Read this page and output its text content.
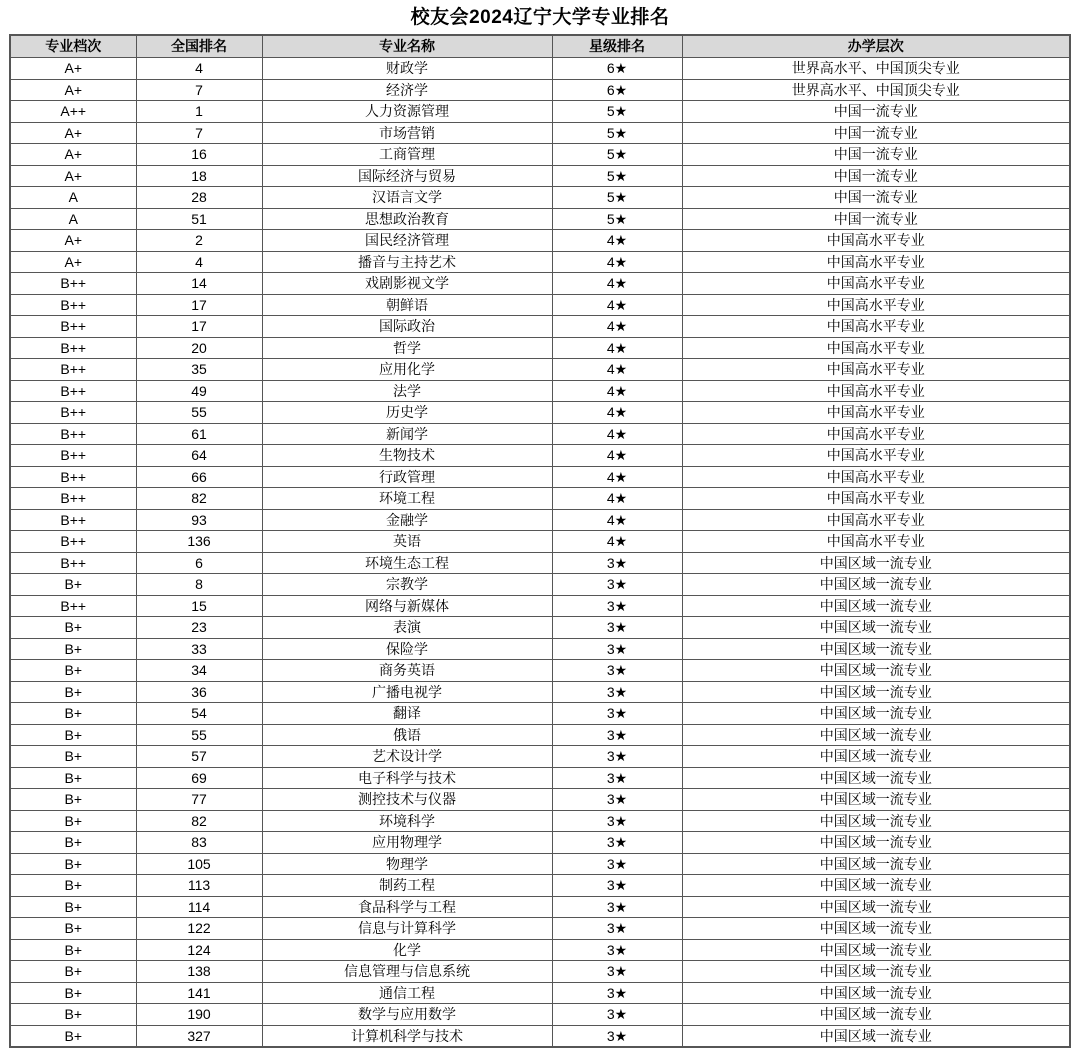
校友会2024辽宁大学专业排名
专业档次	全国排名	专业名称	星级排名	办学层次
A+	4	财政学	6★	世界高水平、中国顶尖专业
A+	7	经济学	6★	世界高水平、中国顶尖专业
A++	1	人力资源管理	5★	中国一流专业
A+	7	市场营销	5★	中国一流专业
A+	16	工商管理	5★	中国一流专业
A+	18	国际经济与贸易	5★	中国一流专业
A	28	汉语言文学	5★	中国一流专业
A	51	思想政治教育	5★	中国一流专业
A+	2	国民经济管理	4★	中国高水平专业
A+	4	播音与主持艺术	4★	中国高水平专业
B++	14	戏剧影视文学	4★	中国高水平专业
B++	17	朝鲜语	4★	中国高水平专业
B++	17	国际政治	4★	中国高水平专业
B++	20	哲学	4★	中国高水平专业
B++	35	应用化学	4★	中国高水平专业
B++	49	法学	4★	中国高水平专业
B++	55	历史学	4★	中国高水平专业
B++	61	新闻学	4★	中国高水平专业
B++	64	生物技术	4★	中国高水平专业
B++	66	行政管理	4★	中国高水平专业
B++	82	环境工程	4★	中国高水平专业
B++	93	金融学	4★	中国高水平专业
B++	136	英语	4★	中国高水平专业
B++	6	环境生态工程	3★	中国区域一流专业
B+	8	宗教学	3★	中国区域一流专业
B++	15	网络与新媒体	3★	中国区域一流专业
B+	23	表演	3★	中国区域一流专业
B+	33	保险学	3★	中国区域一流专业
B+	34	商务英语	3★	中国区域一流专业
B+	36	广播电视学	3★	中国区域一流专业
B+	54	翻译	3★	中国区域一流专业
B+	55	俄语	3★	中国区域一流专业
B+	57	艺术设计学	3★	中国区域一流专业
B+	69	电子科学与技术	3★	中国区域一流专业
B+	77	测控技术与仪器	3★	中国区域一流专业
B+	82	环境科学	3★	中国区域一流专业
B+	83	应用物理学	3★	中国区域一流专业
B+	105	物理学	3★	中国区域一流专业
B+	113	制药工程	3★	中国区域一流专业
B+	114	食品科学与工程	3★	中国区域一流专业
B+	122	信息与计算科学	3★	中国区域一流专业
B+	124	化学	3★	中国区域一流专业
B+	138	信息管理与信息系统	3★	中国区域一流专业
B+	141	通信工程	3★	中国区域一流专业
B+	190	数学与应用数学	3★	中国区域一流专业
B+	327	计算机科学与技术	3★	中国区域一流专业
